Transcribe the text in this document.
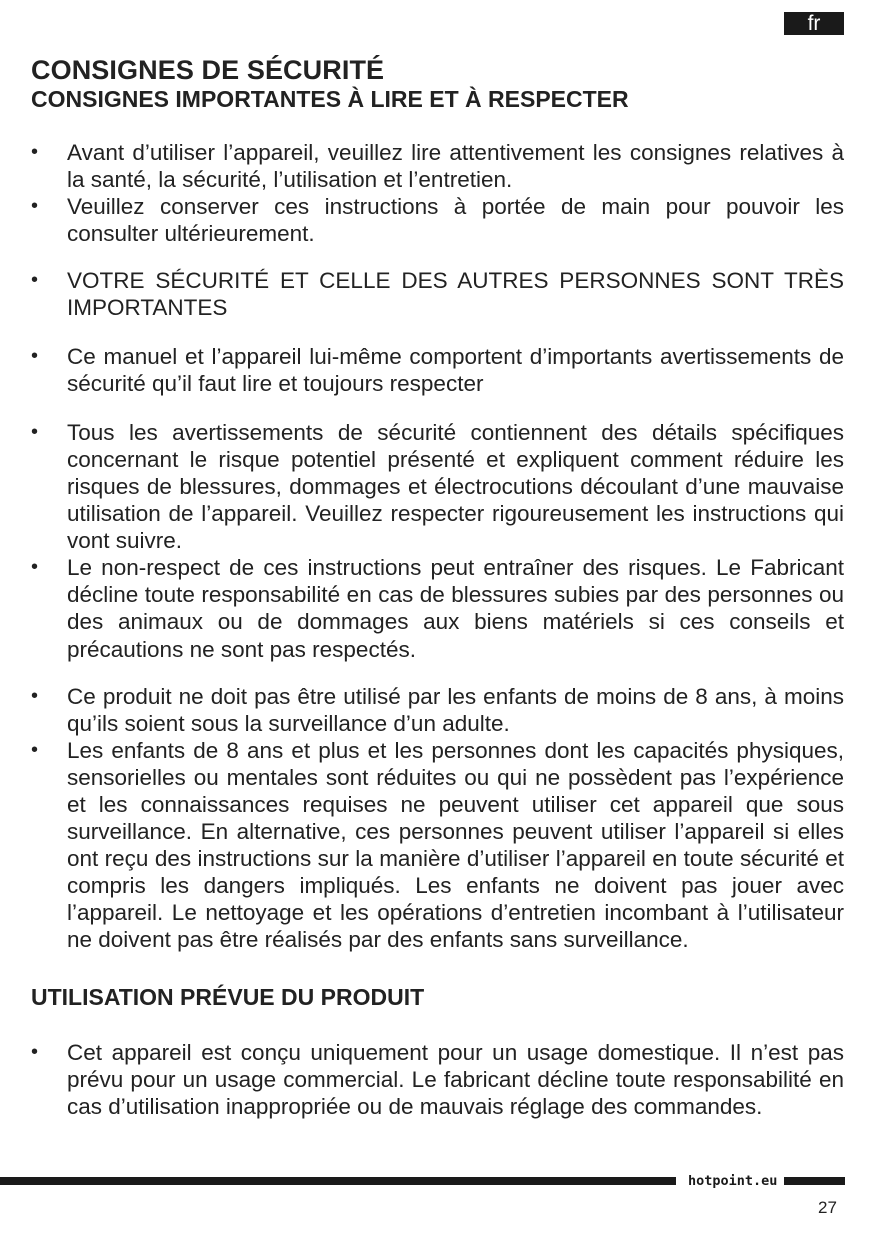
fr
CONSIGNES DE SÉCURITÉ
CONSIGNES IMPORTANTES À LIRE ET À RESPECTER
• Avant d’utiliser l’appareil, veuillez lire attentivement les consignes relatives à la santé, la sécurité, l’utilisation et l’entretien.
• Veuillez conserver ces instructions à portée de main pour pouvoir les consulter ultérieurement.
• VOTRE SÉCURITÉ ET CELLE DES AUTRES PERSONNES SONT TRÈS IMPORTANTES
• Ce manuel et l’appareil lui-même comportent d’importants avertissements de sécurité qu’il faut lire et toujours respecter
• Tous les avertissements de sécurité contiennent des détails spécifiques concernant le risque potentiel présenté et expliquent comment réduire les risques de blessures, dommages et électrocutions découlant d’une mauvaise utilisation de l’appareil. Veuillez respecter rigoureusement les instructions qui vont suivre.
• Le non-respect de ces instructions peut entraîner des risques. Le Fabricant décline toute responsabilité en cas de blessures subies par des personnes ou des animaux ou de dommages aux biens matériels si ces conseils et précautions ne sont pas respectés.
• Ce produit ne doit pas être utilisé par les enfants de moins de 8 ans, à moins qu’ils soient sous la surveillance d’un adulte.
• Les enfants de 8 ans et plus et les personnes dont les capacités physiques, sensorielles ou mentales sont réduites ou qui ne possèdent pas l’expérience et les connaissances requises ne peuvent utiliser cet appareil que sous surveillance. En alternative, ces personnes peuvent utiliser l’appareil si elles ont reçu des instructions sur la manière d’utiliser l’appareil en toute sécurité et compris les dangers impliqués. Les enfants ne doivent pas jouer avec l’appareil. Le nettoyage et les opérations d’entretien incombant à l’utilisateur ne doivent pas être réalisés par des enfants sans surveillance.
UTILISATION PRÉVUE DU PRODUIT
• Cet appareil est conçu uniquement pour un usage domestique. Il n’est pas prévu pour un usage commercial. Le fabricant décline toute responsabilité en cas d’utilisation inappropriée ou de mauvais réglage des commandes.
hotpoint.eu
27
